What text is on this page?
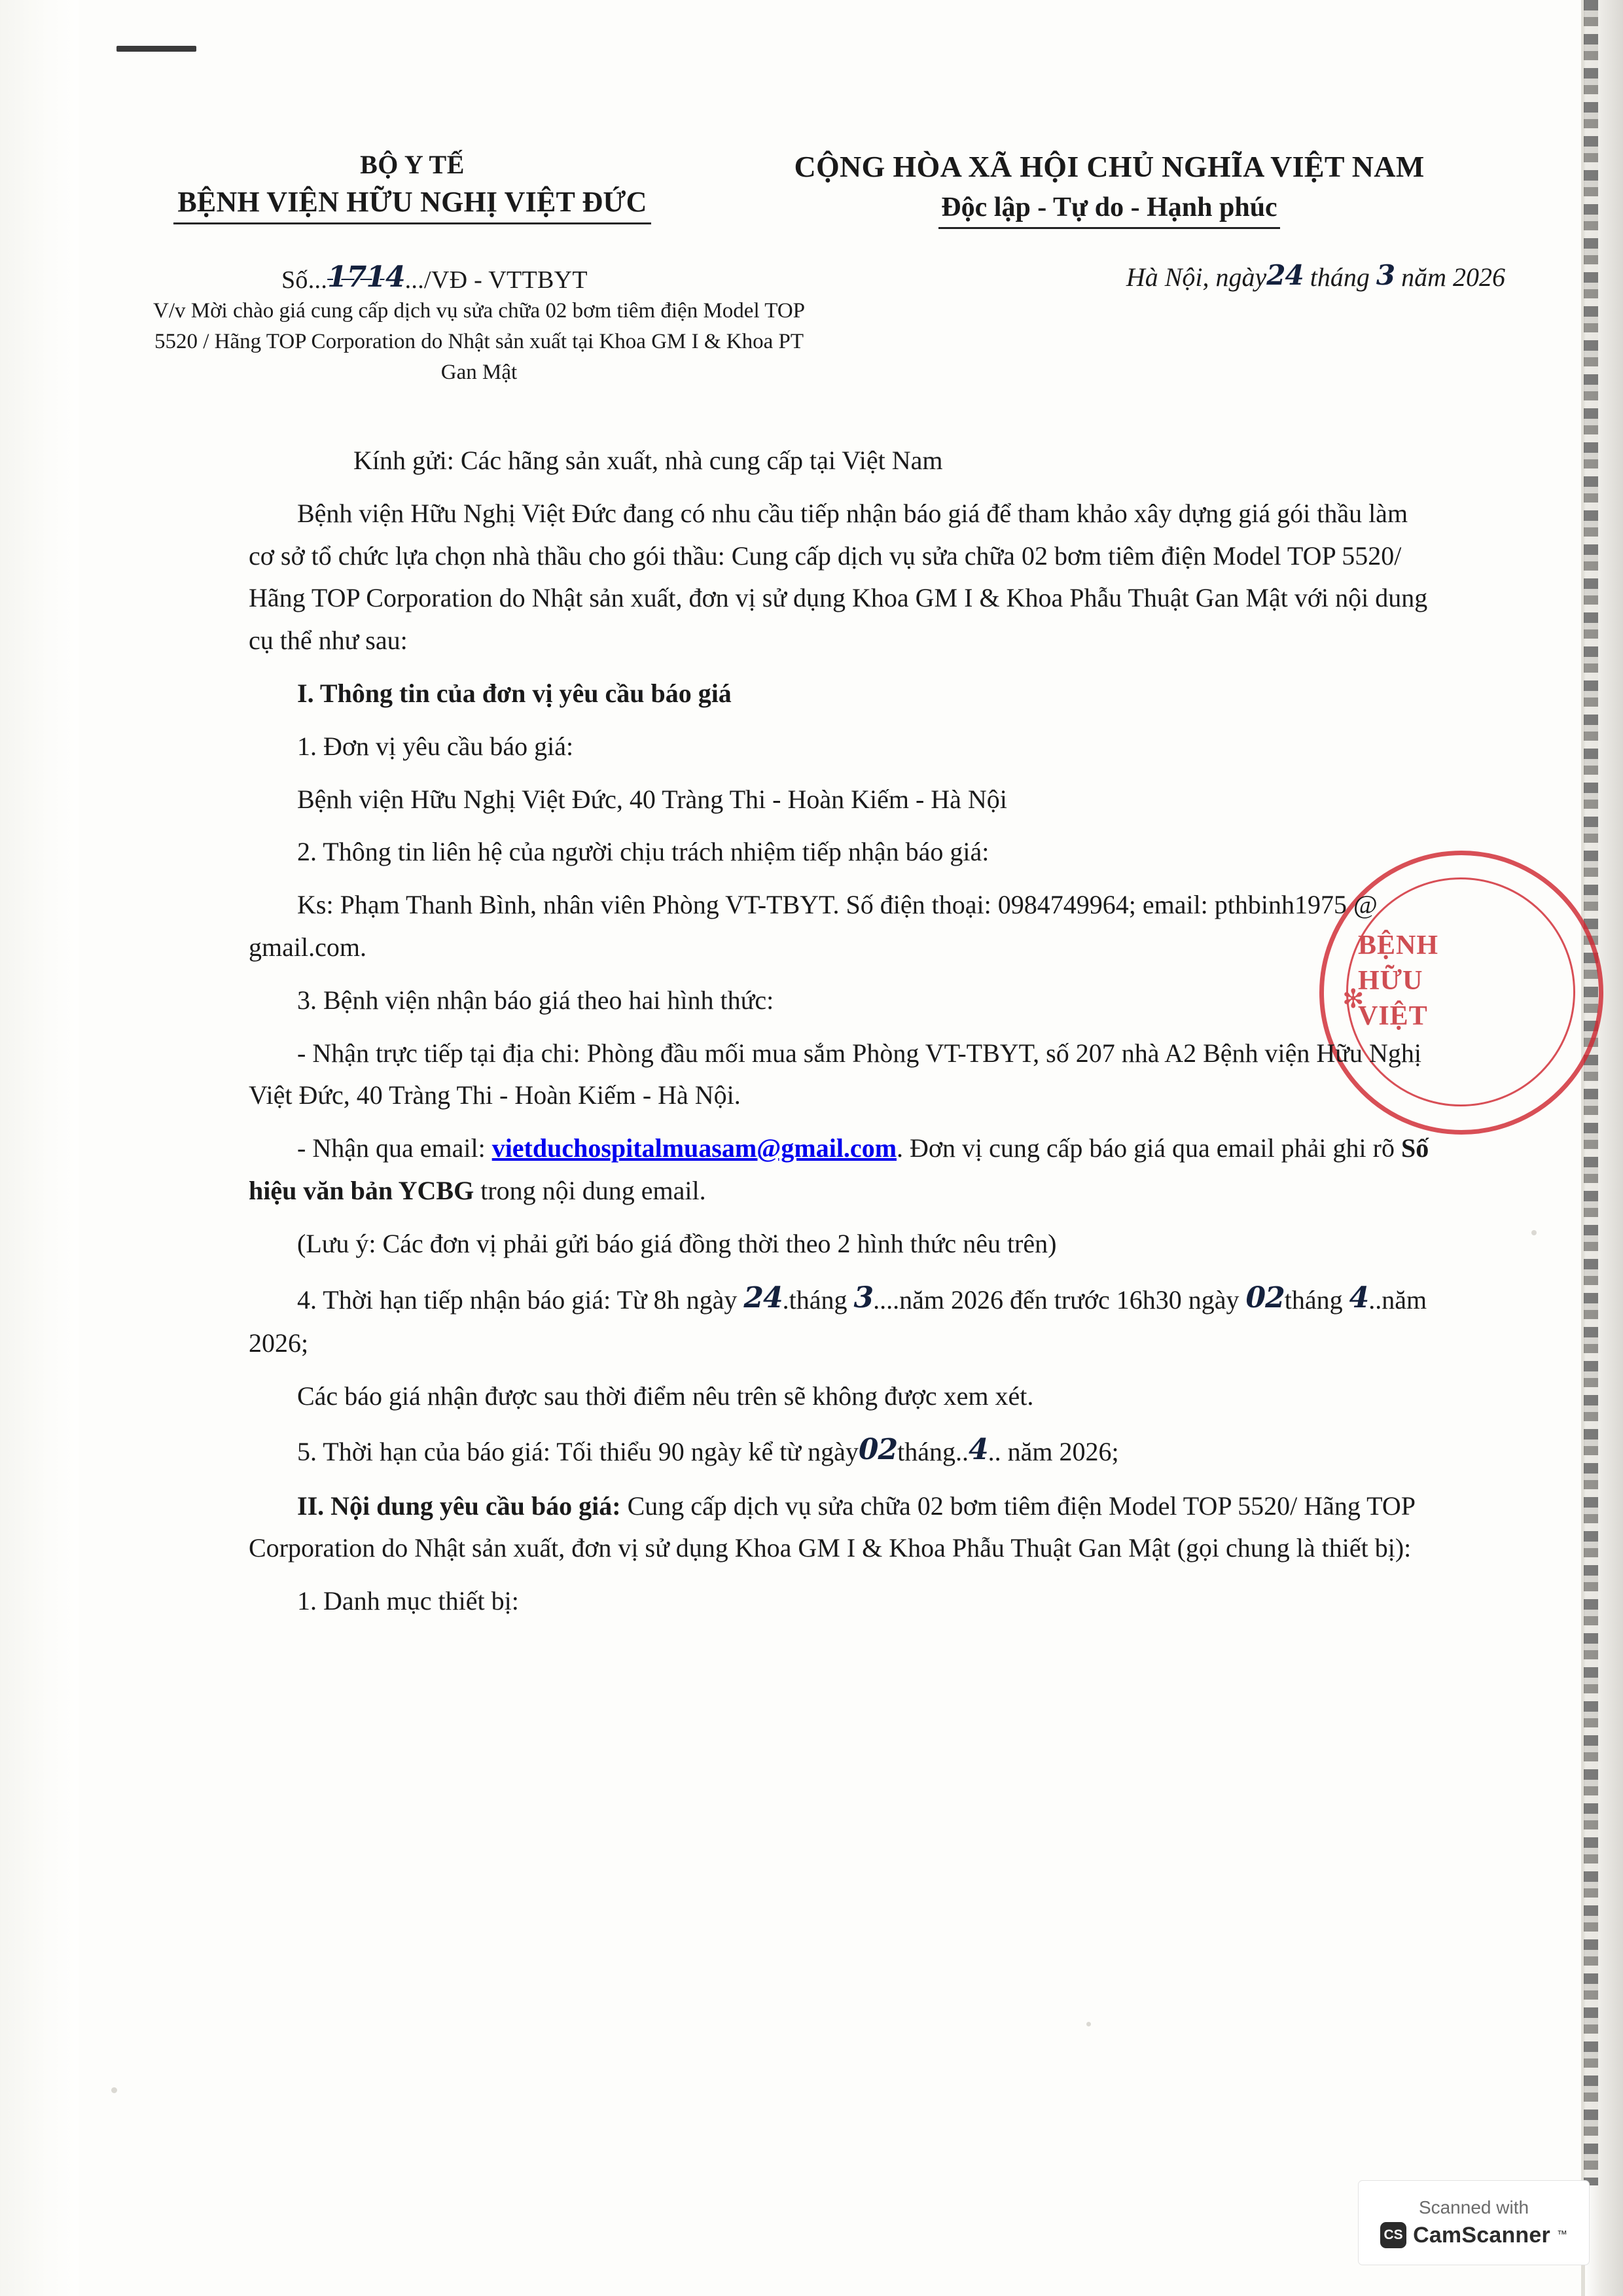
BỘ Y TẾ
BỆNH VIỆN HỮU NGHỊ VIỆT ĐỨC
CỘNG HÒA XÃ HỘI CHỦ NGHĨA VIỆT NAM
Độc lập - Tự do - Hạnh phúc
Số...1714.../VĐ - VTTBYT
V/v Mời chào giá cung cấp dịch vụ sửa chữa 02 bơm tiêm điện Model TOP 5520 / Hãng TOP Corporation do Nhật sản xuất tại Khoa GM I & Khoa PT Gan Mật
Hà Nội, ngày24 tháng 3 năm 2026
✻
BỆNH
HỮU
VIỆT

Kính gửi: Các hãng sản xuất, nhà cung cấp tại Việt Nam

Bệnh viện Hữu Nghị Việt Đức đang có nhu cầu tiếp nhận báo giá để tham khảo xây dựng giá gói thầu làm cơ sở tổ chức lựa chọn nhà thầu cho gói thầu: Cung cấp dịch vụ sửa chữa 02 bơm tiêm điện Model TOP 5520/ Hãng TOP Corporation do Nhật sản xuất, đơn vị sử dụng Khoa GM I & Khoa Phẫu Thuật Gan Mật với nội dung cụ thể như sau:

I. Thông tin của đơn vị yêu cầu báo giá

1. Đơn vị yêu cầu báo giá:

Bệnh viện Hữu Nghị Việt Đức, 40 Tràng Thi - Hoàn Kiếm - Hà Nội

2. Thông tin liên hệ của người chịu trách nhiệm tiếp nhận báo giá:

Ks: Phạm Thanh Bình, nhân viên Phòng VT-TBYT. Số điện thoại: 0984749964; email: pthbinh1975 @ gmail.com.

3. Bệnh viện nhận báo giá theo hai hình thức:

- Nhận trực tiếp tại địa chi: Phòng đầu mối mua sắm Phòng VT-TBYT, số 207 nhà A2 Bệnh viện Hữu Nghị Việt Đức, 40 Tràng Thi - Hoàn Kiếm - Hà Nội.

- Nhận qua email: vietduchospitalmuasam@gmail.com. Đơn vị cung cấp báo giá qua email phải ghi rõ Số hiệu văn bản YCBG trong nội dung email.

(Lưu ý: Các đơn vị phải gửi báo giá đồng thời theo 2 hình thức nêu trên)

4. Thời hạn tiếp nhận báo giá: Từ 8h ngày 24.tháng 3....năm 2026 đến trước 16h30 ngày 02tháng 4..năm 2026;

Các báo giá nhận được sau thời điểm nêu trên sẽ không được xem xét.

5. Thời hạn của báo giá: Tối thiểu 90 ngày kể từ ngày02tháng..4.. năm 2026;

II. Nội dung yêu cầu báo giá: Cung cấp dịch vụ sửa chữa 02 bơm tiêm điện Model TOP 5520/ Hãng TOP Corporation do Nhật sản xuất, đơn vị sử dụng Khoa GM I & Khoa Phẫu Thuật Gan Mật (gọi chung là thiết bị):

1. Danh mục thiết bị:

Scanned with
CS CamScanner ™
